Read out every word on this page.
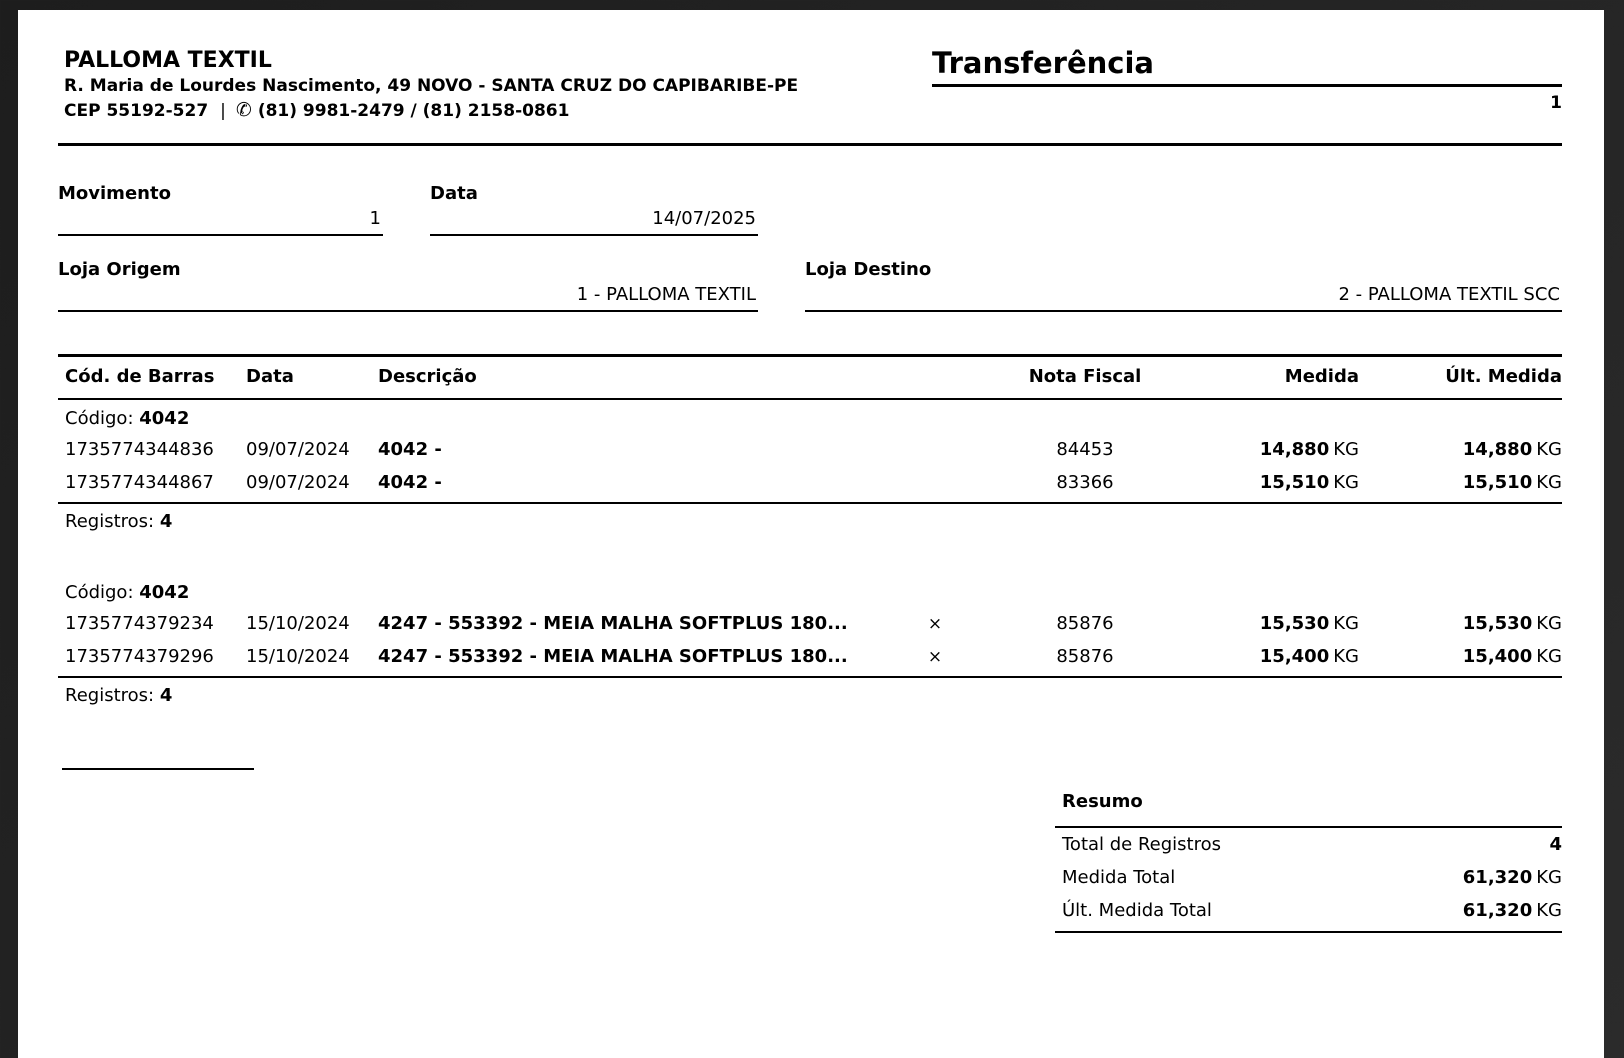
PALLOMA TEXTIL
R. Maria de Lourdes Nascimento, 49 NOVO - SANTA CRUZ DO CAPIBARIBE-PE
CEP 55192-527 | ✆ (81) 9981-2479 / (81) 2158-0861
Transferência
1
Movimento
1
Data
14/07/2025
Loja Origem
1 - PALLOMA TEXTIL
Loja Destino
2 - PALLOMA TEXTIL SCC
Cód. de Barras	Data	Descrição	Nota Fiscal	Medida	Últ. Medida
Código: 4042
1735774344836	09/07/2024	4042 -	84453	14,880 KG	14,880 KG
1735774344867	09/07/2024	4042 -	83366	15,510 KG	15,510 KG
Registros: 4
Código: 4042
1735774379234	15/10/2024	4247 - 553392 - MEIA MALHA SOFTPLUS 180...	×	85876	15,530 KG	15,530 KG
1735774379296	15/10/2024	4247 - 553392 - MEIA MALHA SOFTPLUS 180...	×	85876	15,400 KG	15,400 KG
Registros: 4
Resumo
Total de Registros	4
Medida Total	61,320 KG
Últ. Medida Total	61,320 KG
